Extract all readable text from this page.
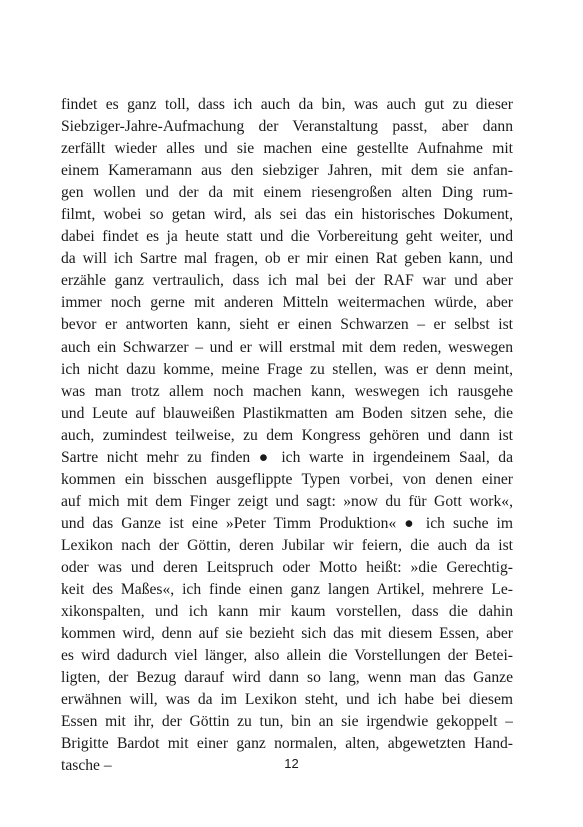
findet es ganz toll, dass ich auch da bin, was auch gut zu dieser
Siebziger-Jahre-Aufmachung der Veranstaltung passt, aber dann
zerfällt wieder alles und sie machen eine gestellte Aufnahme mit
einem Kameramann aus den siebziger Jahren, mit dem sie anfan-
gen wollen und der da mit einem riesengroßen alten Ding rum-
filmt, wobei so getan wird, als sei das ein historisches Dokument,
dabei findet es ja heute statt und die Vorbereitung geht weiter, und
da will ich Sartre mal fragen, ob er mir einen Rat geben kann, und
erzähle ganz vertraulich, dass ich mal bei der RAF war und aber
immer noch gerne mit anderen Mitteln weitermachen würde, aber
bevor er antworten kann, sieht er einen Schwarzen – er selbst ist
auch ein Schwarzer – und er will erstmal mit dem reden, weswegen
ich nicht dazu komme, meine Frage zu stellen, was er denn meint,
was man trotz allem noch machen kann, weswegen ich rausgehe
und Leute auf blauweißen Plastikmatten am Boden sitzen sehe, die
auch, zumindest teilweise, zu dem Kongress gehören und dann ist
Sartre nicht mehr zu finden ● ich warte in irgendeinem Saal, da
kommen ein bisschen ausgeflippte Typen vorbei, von denen einer
auf mich mit dem Finger zeigt und sagt: »now du für Gott work«,
und das Ganze ist eine »Peter Timm Produktion« ● ich suche im
Lexikon nach der Göttin, deren Jubilar wir feiern, die auch da ist
oder was und deren Leitspruch oder Motto heißt: »die Gerechtig-
keit des Maßes«, ich finde einen ganz langen Artikel, mehrere Le-
xikonspalten, und ich kann mir kaum vorstellen, dass die dahin
kommen wird, denn auf sie bezieht sich das mit diesem Essen, aber
es wird dadurch viel länger, also allein die Vorstellungen der Betei-
ligten, der Bezug darauf wird dann so lang, wenn man das Ganze
erwähnen will, was da im Lexikon steht, und ich habe bei diesem
Essen mit ihr, der Göttin zu tun, bin an sie irgendwie gekoppelt –
Brigitte Bardot mit einer ganz normalen, alten, abgewetzten Hand-
tasche –	12
